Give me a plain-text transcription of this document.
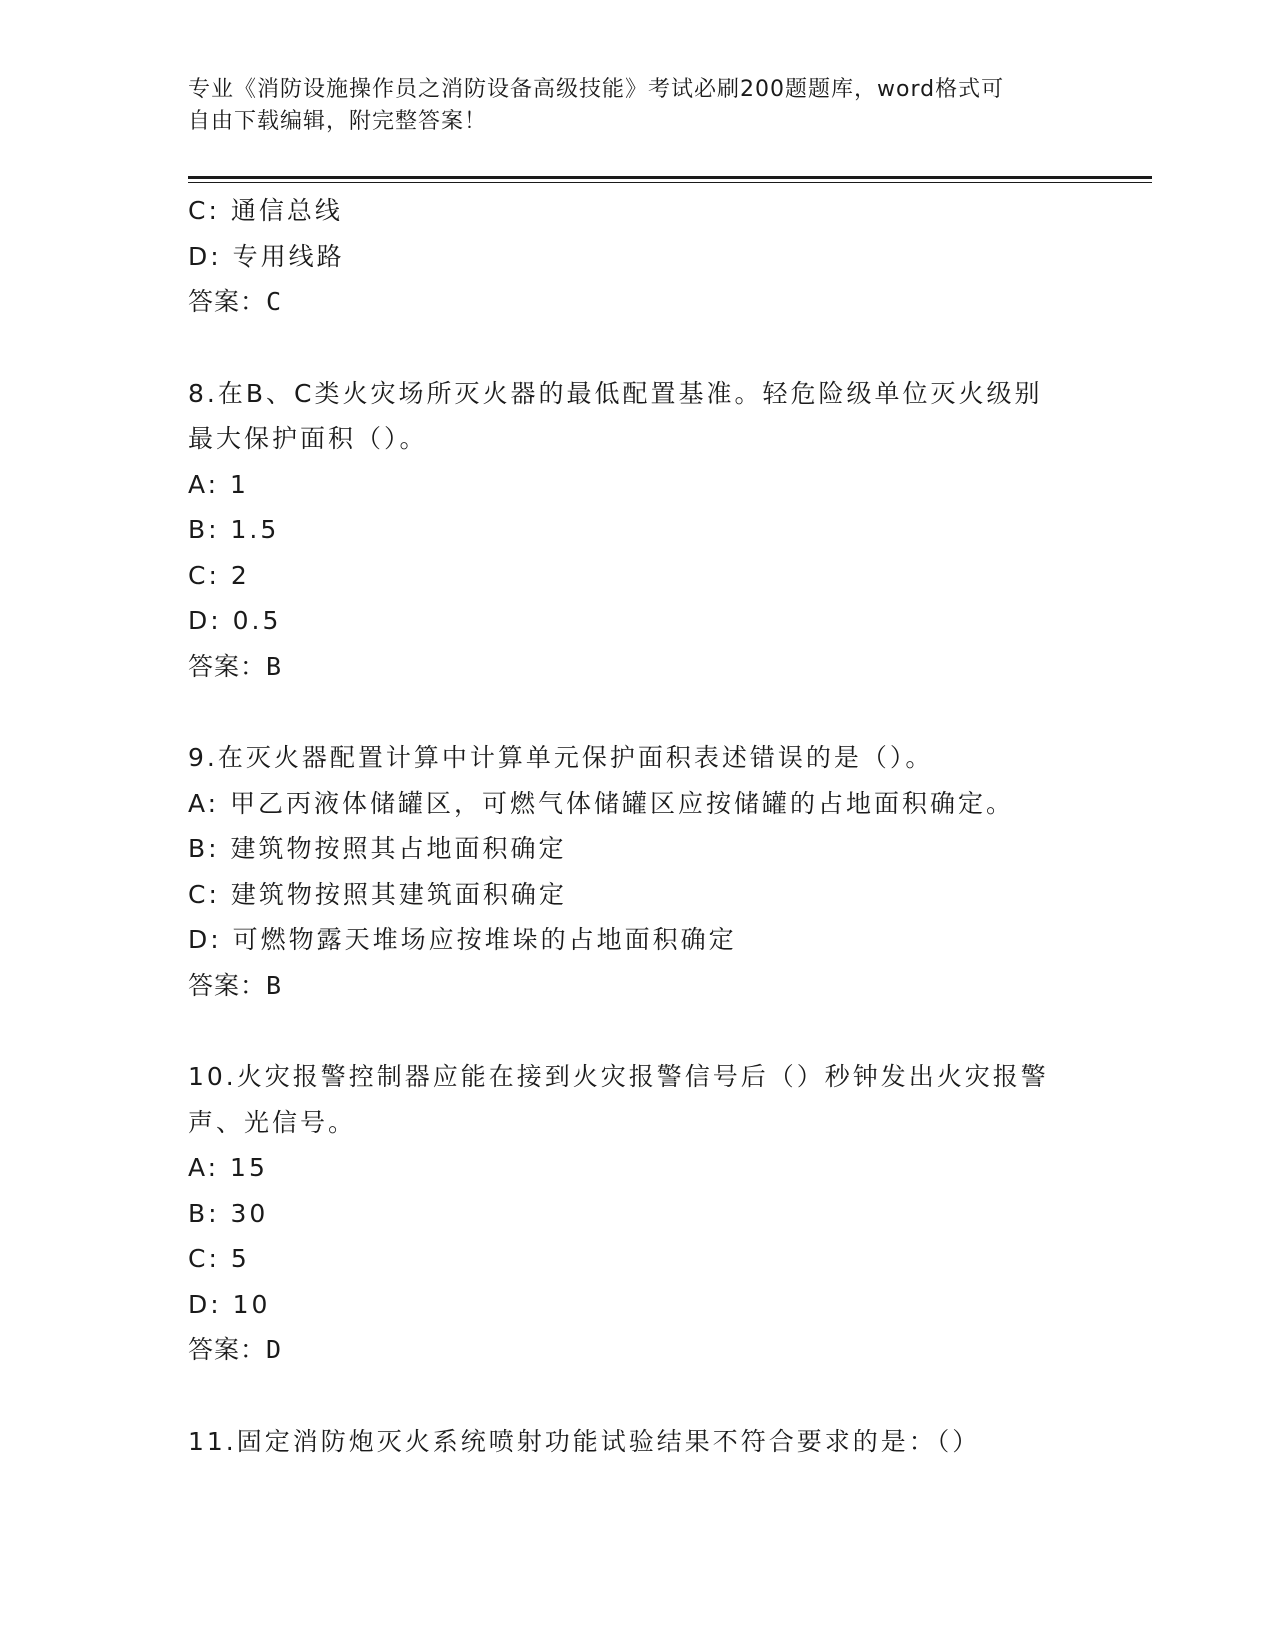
专业《消防设施操作员之消防设备高级技能》考试必刷200题题库，word格式可
自由下载编辑，附完整答案！
C: 通信总线
D: 专用线路
答案：C
8.在B、C类火灾场所灭火器的最低配置基准。轻危险级单位灭火级别
最大保护面积（）。
A: 1
B: 1.5
C: 2
D: 0.5
答案：B
9.在灭火器配置计算中计算单元保护面积表述错误的是（）。
A: 甲乙丙液体储罐区，可燃气体储罐区应按储罐的占地面积确定。
B: 建筑物按照其占地面积确定
C: 建筑物按照其建筑面积确定
D: 可燃物露天堆场应按堆垛的占地面积确定
答案：B
10.火灾报警控制器应能在接到火灾报警信号后（）秒钟发出火灾报警
声、光信号。
A: 15
B: 30
C: 5
D: 10
答案：D
11.固定消防炮灭火系统喷射功能试验结果不符合要求的是：（）
